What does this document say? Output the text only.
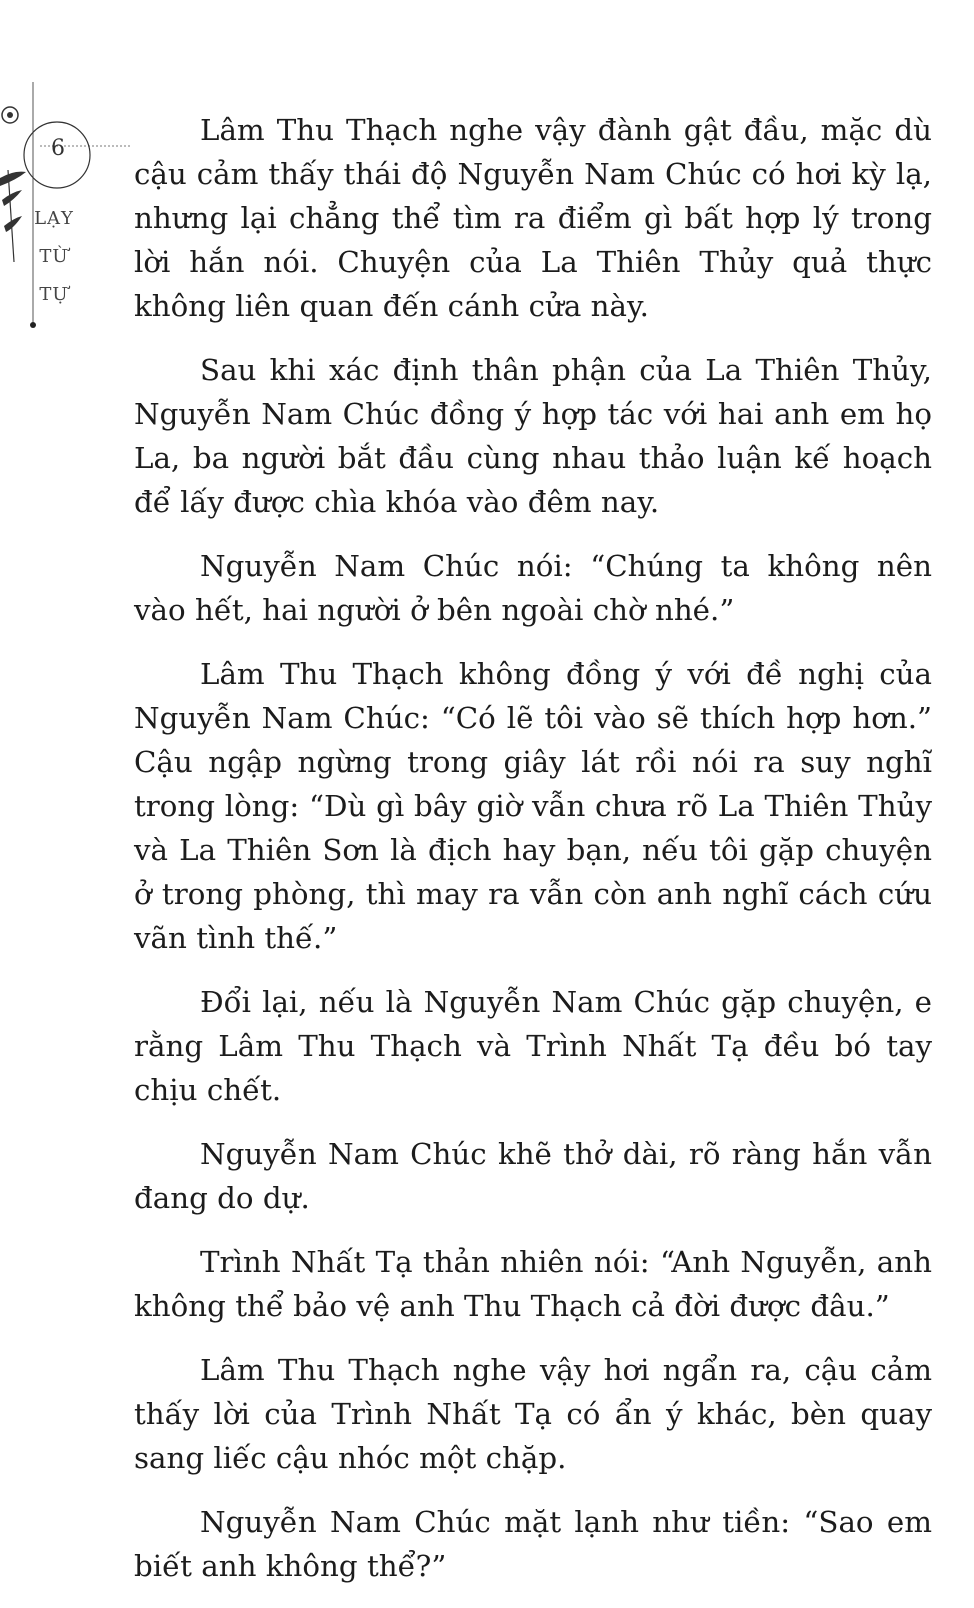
6
LẠY
TỪ
TỰ

Lâm Thu Thạch nghe vậy đành gật đầu, mặc dù cậu cảm thấy thái độ Nguyễn Nam Chúc có hơi kỳ lạ, nhưng lại chẳng thể tìm ra điểm gì bất hợp lý trong lời hắn nói. Chuyện của La Thiên Thủy quả thực không liên quan đến cánh cửa này.

Sau khi xác định thân phận của La Thiên Thủy, Nguyễn Nam Chúc đồng ý hợp tác với hai anh em họ La, ba người bắt đầu cùng nhau thảo luận kế hoạch để lấy được chìa khóa vào đêm nay.

Nguyễn Nam Chúc nói: “Chúng ta không nên vào hết, hai người ở bên ngoài chờ nhé.”

Lâm Thu Thạch không đồng ý với đề nghị của Nguyễn Nam Chúc: “Có lẽ tôi vào sẽ thích hợp hơn.” Cậu ngập ngừng trong giây lát rồi nói ra suy nghĩ trong lòng: “Dù gì bây giờ vẫn chưa rõ La Thiên Thủy và La Thiên Sơn là địch hay bạn, nếu tôi gặp chuyện ở trong phòng, thì may ra vẫn còn anh nghĩ cách cứu vãn tình thế.”

Đổi lại, nếu là Nguyễn Nam Chúc gặp chuyện, e rằng Lâm Thu Thạch và Trình Nhất Tạ đều bó tay chịu chết.

Nguyễn Nam Chúc khẽ thở dài, rõ ràng hắn vẫn đang do dự.

Trình Nhất Tạ thản nhiên nói: “Anh Nguyễn, anh không thể bảo vệ anh Thu Thạch cả đời được đâu.”

Lâm Thu Thạch nghe vậy hơi ngẩn ra, cậu cảm thấy lời của Trình Nhất Tạ có ẩn ý khác, bèn quay sang liếc cậu nhóc một chặp.

Nguyễn Nam Chúc mặt lạnh như tiền: “Sao em biết anh không thể?”
